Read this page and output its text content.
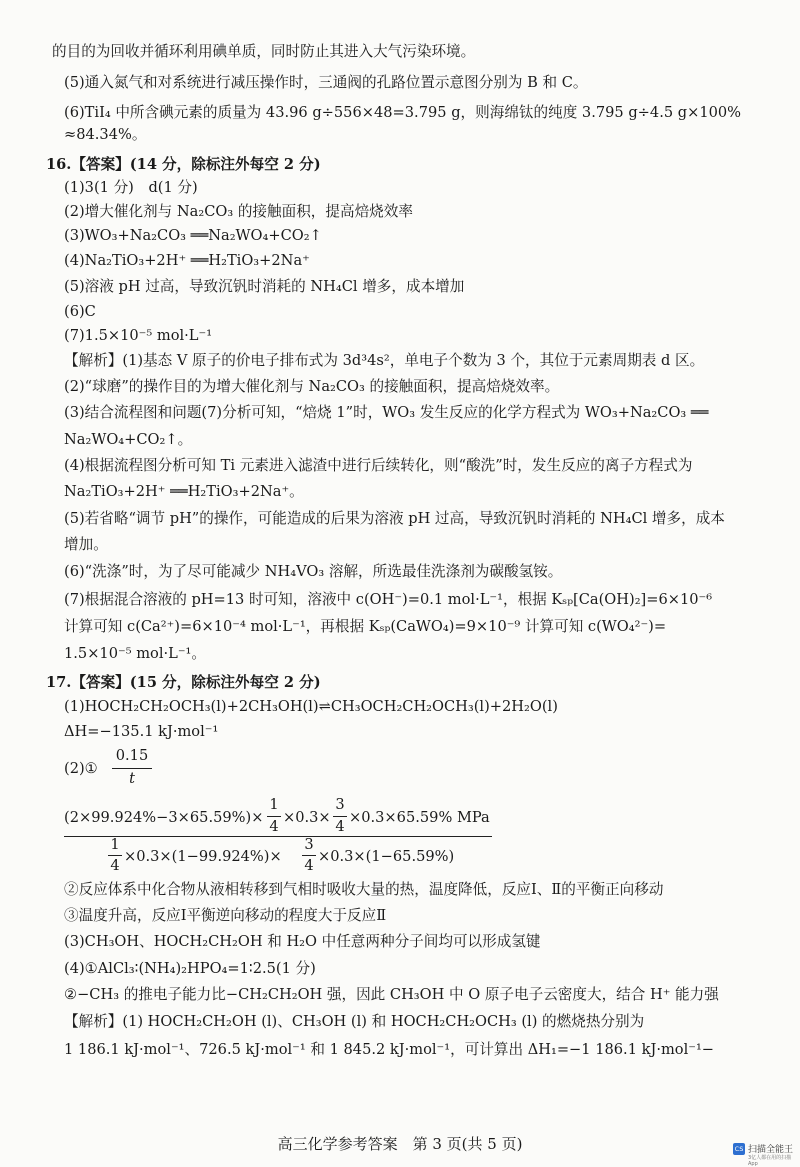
的目的为回收并循环利用碘单质，同时防止其进入大气污染环境。
(5)通入氮气和对系统进行减压操作时，三通阀的孔路位置示意图分别为 B 和 C。
(6)TiI₄ 中所含碘元素的质量为 43.96 g÷556×48=3.795 g，则海绵钛的纯度 3.795 g÷4.5 g×100%
≈84.34%。
16.【答案】(14 分，除标注外每空 2 分)
(1)3(1 分)　d(1 分)
(2)增大催化剂与 Na₂CO₃ 的接触面积，提高焙烧效率
(3)WO₃+Na₂CO₃ ══Na₂WO₄+CO₂↑
(4)Na₂TiO₃+2H⁺ ══H₂TiO₃+2Na⁺
(5)溶液 pH 过高，导致沉钒时消耗的 NH₄Cl 增多，成本增加
(6)C
(7)1.5×10⁻⁵ mol·L⁻¹
【解析】(1)基态 V 原子的价电子排布式为 3d³4s²，单电子个数为 3 个，其位于元素周期表 d 区。
(2)“球磨”的操作目的为增大催化剂与 Na₂CO₃ 的接触面积，提高焙烧效率。
(3)结合流程图和问题(7)分析可知，“焙烧 1”时，WO₃ 发生反应的化学方程式为 WO₃+Na₂CO₃ ══
Na₂WO₄+CO₂↑。
(4)根据流程图分析可知 Ti 元素进入滤渣中进行后续转化，则“酸洗”时，发生反应的离子方程式为
Na₂TiO₃+2H⁺ ══H₂TiO₃+2Na⁺。
(5)若省略“调节 pH”的操作，可能造成的后果为溶液 pH 过高，导致沉钒时消耗的 NH₄Cl 增多，成本
增加。
(6)“洗涤”时，为了尽可能减少 NH₄VO₃ 溶解，所选最佳洗涤剂为碳酸氢铵。
(7)根据混合溶液的 pH=13 时可知，溶液中 c(OH⁻)=0.1 mol·L⁻¹，根据 Kₛₚ[Ca(OH)₂]=6×10⁻⁶
计算可知 c(Ca²⁺)=6×10⁻⁴ mol·L⁻¹，再根据 Kₛₚ(CaWO₄)=9×10⁻⁹ 计算可知 c(WO₄²⁻)=
1.5×10⁻⁵ mol·L⁻¹。
17.【答案】(15 分，除标注外每空 2 分)
(1)HOCH₂CH₂OCH₃(l)+2CH₃OH(l)⇌CH₃OCH₂CH₂OCH₃(l)+2H₂O(l)
ΔH=−135.1 kJ·mol⁻¹
(2)①
0.15
t
(2×99.924%−3×65.59%)×
1
4
×0.3×
3
4
×0.3×65.59% MPa
1
4
×0.3×(1−99.924%)×
3
4
×0.3×(1−65.59%)
②反应体系中化合物从液相转移到气相时吸收大量的热，温度降低，反应Ⅰ、Ⅱ的平衡正向移动
③温度升高，反应Ⅰ平衡逆向移动的程度大于反应Ⅱ
(3)CH₃OH、HOCH₂CH₂OH 和 H₂O 中任意两种分子间均可以形成氢键
(4)①AlCl₃∶(NH₄)₂HPO₄=1∶2.5(1 分)
②−CH₃ 的推电子能力比−CH₂CH₂OH 强，因此 CH₃OH 中 O 原子电子云密度大，结合 H⁺ 能力强
【解析】(1) HOCH₂CH₂OH (l)、CH₃OH (l) 和 HOCH₂CH₂OCH₃ (l) 的燃烧热分别为
1 186.1 kJ·mol⁻¹、726.5 kJ·mol⁻¹ 和 1 845.2 kJ·mol⁻¹，可计算出 ΔH₁=−1 186.1 kJ·mol⁻¹−
高三化学参考答案　第 3 页(共 5 页)	CS 扫描全能王
3亿人都在用的扫描App
